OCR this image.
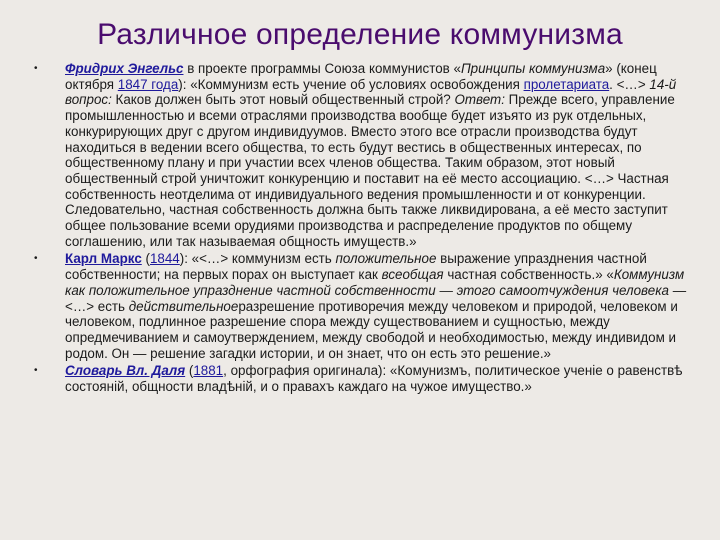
Различное определение коммунизма
• Фридрих Энгельс в проекте программы Союза коммунистов «Принципы коммунизма» (конец октября 1847 года): «Коммунизм есть учение об условиях освобождения пролетариата. <…> 14-й вопрос: Каков должен быть этот новый общественный строй? Ответ: Прежде всего, управление промышленностью и всеми отраслями производства вообще будет изъято из рук отдельных, конкурирующих друг с другом индивидуумов. Вместо этого все отрасли производства будут находиться в ведении всего общества, то есть будут вестись в общественных интересах, по общественному плану и при участии всех членов общества. Таким образом, этот новый общественный строй уничтожит конкуренцию и поставит на её место ассоциацию. <…> Частная собственность неотделима от индивидуального ведения промышленности и от конкуренции. Следовательно, частная собственность должна быть также ликвидирована, а её место заступит общее пользование всеми орудиями производства и распределение продуктов по общему соглашению, или так называемая общность имуществ.»
• Карл Маркс (1844): «<…> коммунизм есть положительное выражение упразднения частной собственности; на первых порах он выступает как всеобщая частная собственность.» «Коммунизм как положительное упразднение частной собственности — этого самоотчуждения человека — <…> есть действительноеразрешение противоречия между человеком и природой, человеком и человеком, подлинное разрешение спора между существованием и сущностью, между опредмечиванием и самоутверждением, между свободой и необходимостью, между индивидом и родом. Он — решение загадки истории, и он знает, что он есть это решение.»
• Словарь Вл. Даля (1881, орфография оригинала): «Комунизмъ, политическое ученіе о равенствѣ состояній, общности владѣній, и о правахъ каждаго на чужое имущество.»
